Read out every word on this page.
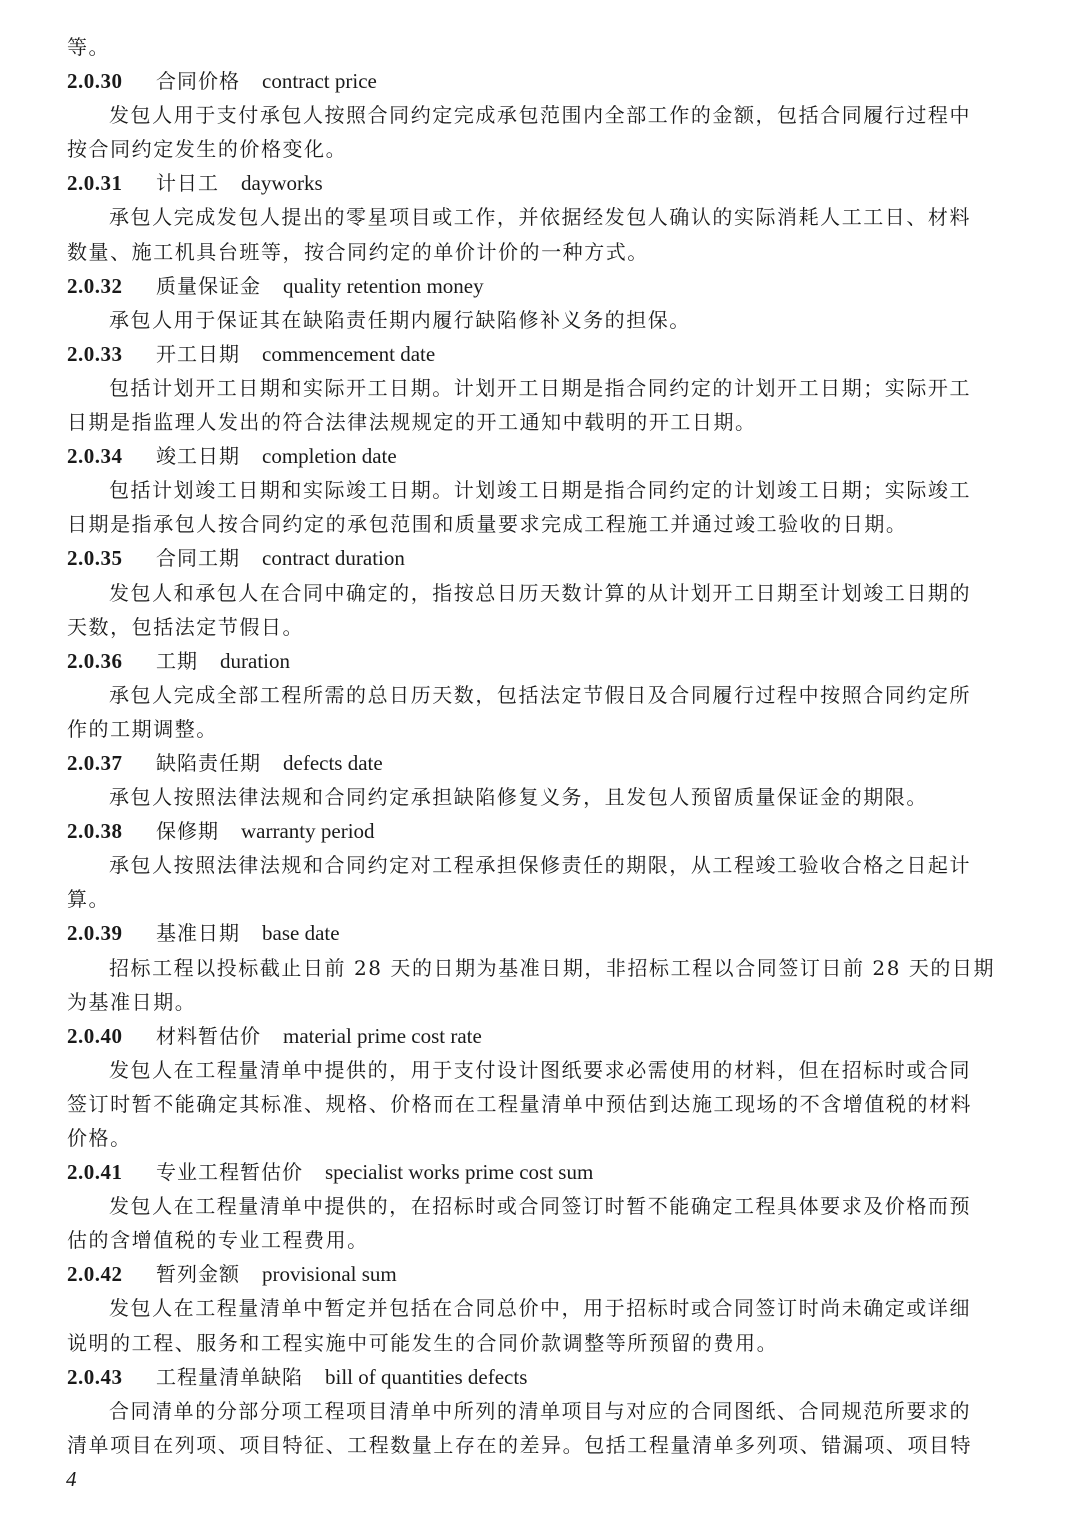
等。
2.0.30 合同价格 contract price
发包人用于支付承包人按照合同约定完成承包范围内全部工作的金额，包括合同履行过程中
按合同约定发生的价格变化。
2.0.31 计日工 dayworks
承包人完成发包人提出的零星项目或工作，并依据经发包人确认的实际消耗人工工日、材料
数量、施工机具台班等，按合同约定的单价计价的一种方式。
2.0.32 质量保证金 quality retention money
承包人用于保证其在缺陷责任期内履行缺陷修补义务的担保。
2.0.33 开工日期 commencement date
包括计划开工日期和实际开工日期。计划开工日期是指合同约定的计划开工日期；实际开工
日期是指监理人发出的符合法律法规规定的开工通知中载明的开工日期。
2.0.34 竣工日期 completion date
包括计划竣工日期和实际竣工日期。计划竣工日期是指合同约定的计划竣工日期；实际竣工
日期是指承包人按合同约定的承包范围和质量要求完成工程施工并通过竣工验收的日期。
2.0.35 合同工期 contract duration
发包人和承包人在合同中确定的，指按总日历天数计算的从计划开工日期至计划竣工日期的
天数，包括法定节假日。
2.0.36 工期 duration
承包人完成全部工程所需的总日历天数，包括法定节假日及合同履行过程中按照合同约定所
作的工期调整。
2.0.37 缺陷责任期 defects date
承包人按照法律法规和合同约定承担缺陷修复义务，且发包人预留质量保证金的期限。
2.0.38 保修期 warranty period
承包人按照法律法规和合同约定对工程承担保修责任的期限，从工程竣工验收合格之日起计
算。
2.0.39 基准日期 base date
招标工程以投标截止日前 28 天的日期为基准日期，非招标工程以合同签订日前 28 天的日期
为基准日期。
2.0.40 材料暂估价 material prime cost rate
发包人在工程量清单中提供的，用于支付设计图纸要求必需使用的材料，但在招标时或合同
签订时暂不能确定其标准、规格、价格而在工程量清单中预估到达施工现场的不含增值税的材料
价格。
2.0.41 专业工程暂估价 specialist works prime cost sum
发包人在工程量清单中提供的，在招标时或合同签订时暂不能确定工程具体要求及价格而预
估的含增值税的专业工程费用。
2.0.42 暂列金额 provisional sum
发包人在工程量清单中暂定并包括在合同总价中，用于招标时或合同签订时尚未确定或详细
说明的工程、服务和工程实施中可能发生的合同价款调整等所预留的费用。
2.0.43 工程量清单缺陷 bill of quantities defects
合同清单的分部分项工程项目清单中所列的清单项目与对应的合同图纸、合同规范所要求的
清单项目在列项、项目特征、工程数量上存在的差异。包括工程量清单多列项、错漏项、项目特
4
